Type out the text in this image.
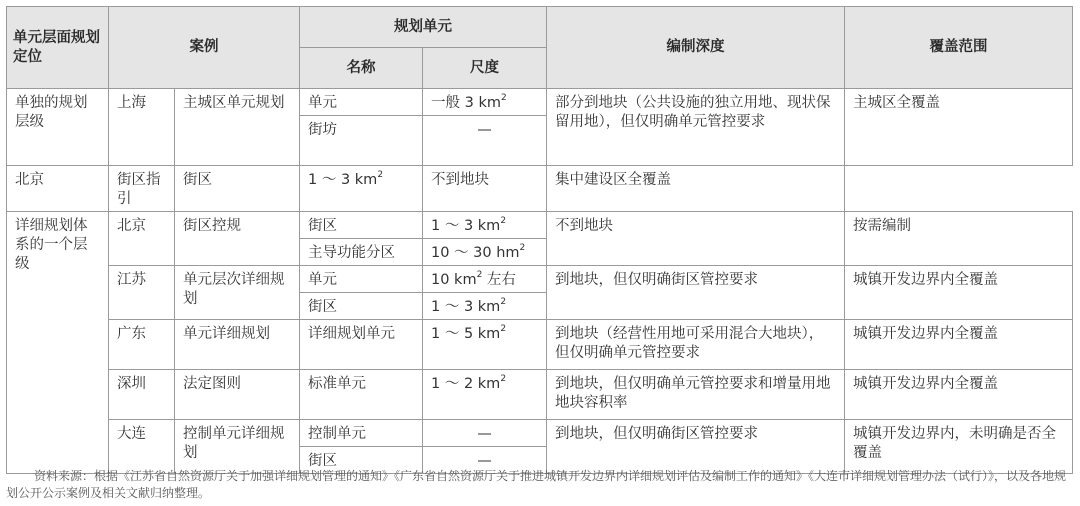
单元层面规划定位	案例		规划单元		编制深度	覆盖范围
			名称	尺度		
单独的规划层级	上海	主城区单元规划	单元	一般 3 $km^2$	部分到地块（公共设施的独立用地、现状保留用地），但仅明确单元管控要求	主城区全覆盖
			街坊	—		
北京	街区指引	街区	1 ～ 3 $km^2$	不到地块	集中建设区全覆盖	
详细规划体系的一个层级	北京	街区控规	街区	1 ～ 3 $km^2$	不到地块	按需编制
			主导功能分区	10 ～ 30 $hm^2$
	江苏	单元层次详细规划	单元	10 $km^2$ 左右	到地块，但仅明确街区管控要求	城镇开发边界内全覆盖
			街区	1 ～ 3 $km^2$
	广东	单元详细规划	详细规划单元	1 ～ 5 $km^2$	到地块（经营性用地可采用混合大地块），但仅明确单元管控要求	城镇开发边界内全覆盖
	深圳	法定图则	标准单元	1 ～ 2 $km^2$	到地块，但仅明确单元管控要求和增量用地地块容积率	城镇开发边界内全覆盖
	大连	控制单元详细规划	控制单元	—	到地块，但仅明确街区管控要求	城镇开发边界内，未明确是否全覆盖
			街区	—		
资料来源：根据《江苏省自然资源厅关于加强详细规划管理的通知》《广东省自然资源厅关于推进城镇开发边界内详细规划评估及编制工作的通知》《大连市详细规划管理办法（试行）》，以及各地规划公开公示案例及相关文献归纳整理。
